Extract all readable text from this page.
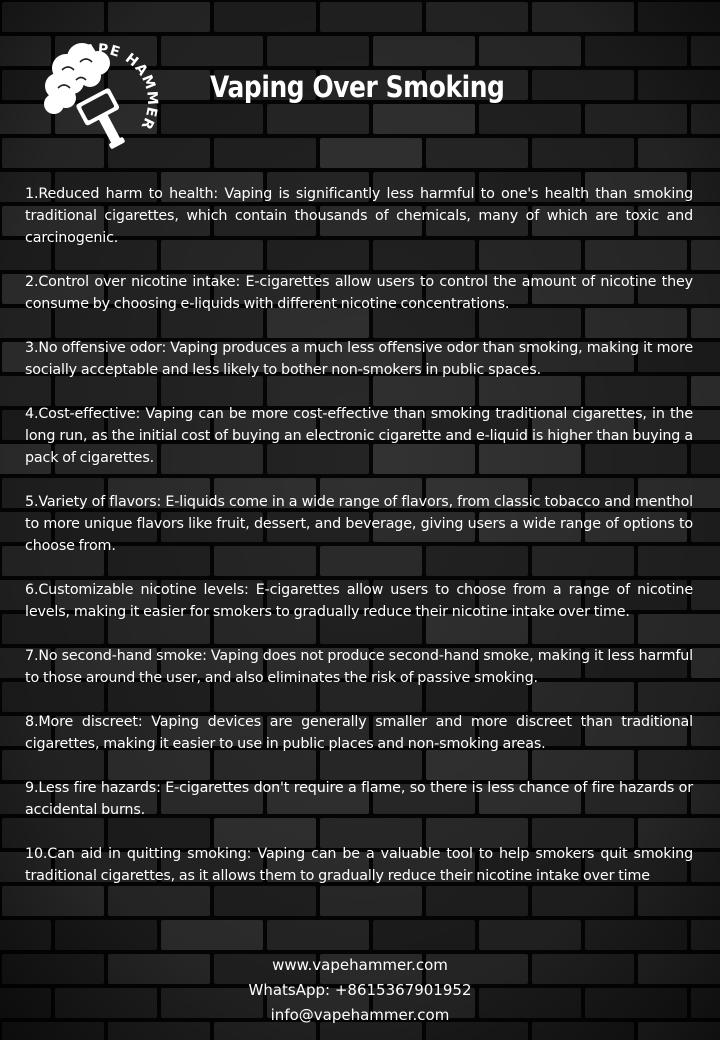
VAPE HAMMER
Vaping Over Smoking
1.Reduced harm to health: Vaping is significantly less harmful to one's health than smoking traditional cigarettes, which contain thousands of chemicals, many of which are toxic and carcinogenic.
2.Control over nicotine intake: E-cigarettes allow users to control the amount of nicotine they consume by choosing e-liquids with different nicotine concentrations.
3.No offensive odor: Vaping produces a much less offensive odor than smoking, making it more socially acceptable and less likely to bother non-smokers in public spaces.
4.Cost-effective: Vaping can be more cost-effective than smoking traditional cigarettes, in the long run, as the initial cost of buying an electronic cigarette and e-liquid is higher than buying a pack of cigarettes.
5.Variety of flavors: E-liquids come in a wide range of flavors, from classic tobacco and menthol to more unique flavors like fruit, dessert, and beverage, giving users a wide range of options to choose from.
6.Customizable nicotine levels: E-cigarettes allow users to choose from a range of nicotine levels, making it easier for smokers to gradually reduce their nicotine intake over time.
7.No second-hand smoke: Vaping does not produce second-hand smoke, making it less harmful to those around the user, and also eliminates the risk of passive smoking.
8.More discreet: Vaping devices are generally smaller and more discreet than traditional cigarettes, making it easier to use in public places and non-smoking areas.
9.Less fire hazards: E-cigarettes don't require a flame, so there is less chance of fire hazards or accidental burns.
10.Can aid in quitting smoking: Vaping can be a valuable tool to help smokers quit smoking traditional cigarettes, as it allows them to gradually reduce their nicotine intake over time
www.vapehammer.com
WhatsApp: +8615367901952
info@vapehammer.com
